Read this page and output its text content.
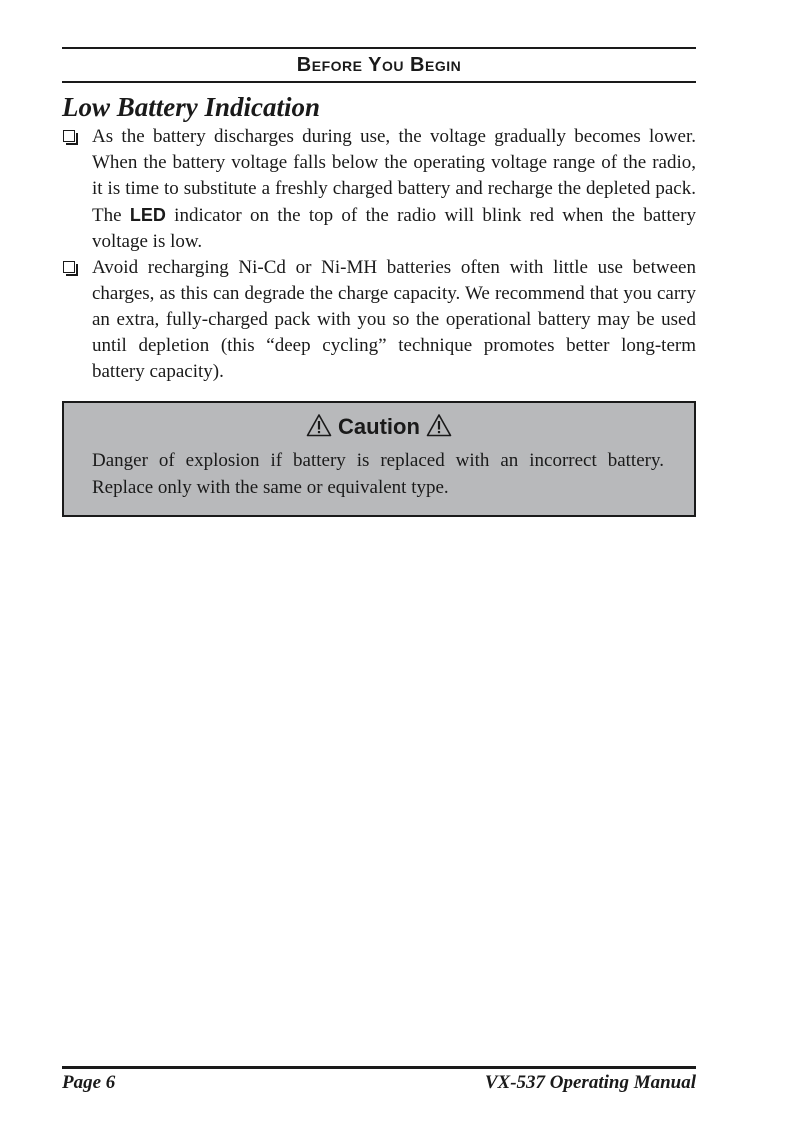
Before You Begin
Low Battery Indication

As the battery discharges during use, the voltage gradually becomes lower. When the battery voltage falls below the operating voltage range of the radio, it is time to substitute a freshly charged battery and recharge the depleted pack. The LED indicator on the top of the radio will blink red when the battery voltage is low.

Avoid recharging Ni-Cd or Ni-MH batteries often with little use between charges, as this can degrade the charge capacity. We recommend that you carry an extra, fully-charged pack with you so the operational battery may be used until depletion (this “deep cycling” technique promotes better long-term battery capacity).

Caution

Danger of explosion if battery is replaced with an incorrect battery. Replace only with the same or equivalent type.

Page 6	VX-537 Operating Manual
